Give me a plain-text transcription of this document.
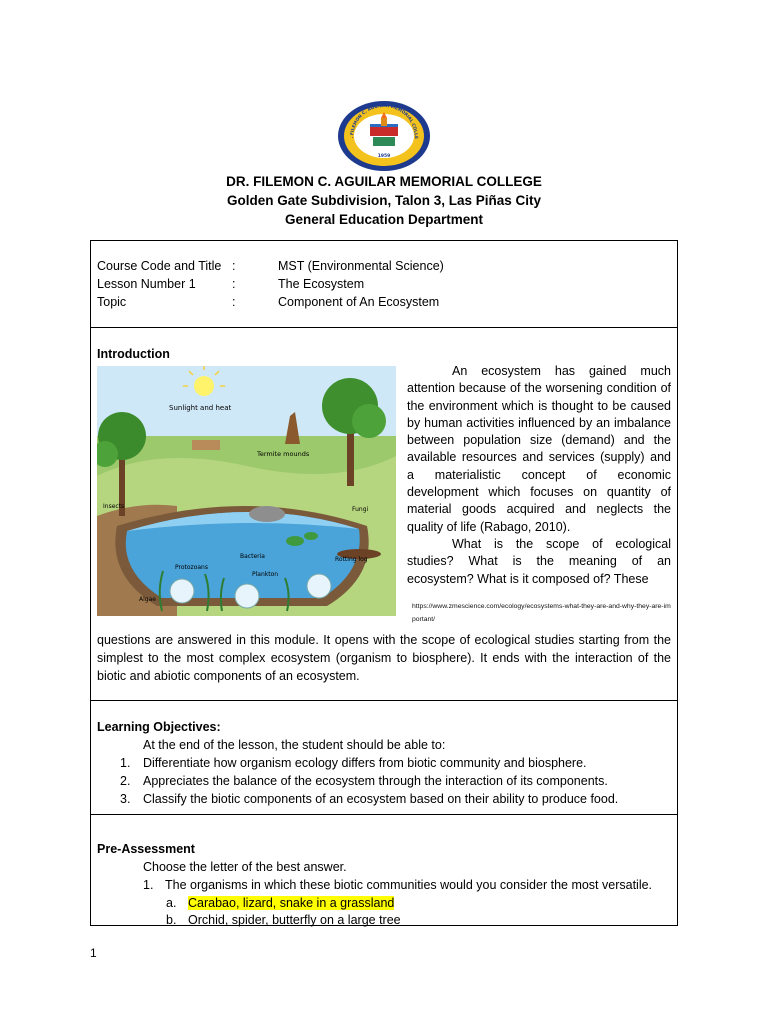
. FILEMON C. AGUILAR MEMORIAL COLLE
1959
DR. FILEMON C. AGUILAR MEMORIAL COLLEGE
Golden Gate Subdivision, Talon 3, Las Piñas City
General Education Department
Course Code and Title :	MST (Environmental Science)
Lesson Number 1	:	The Ecosystem
Topic	:	Component of An Ecosystem
Introduction
Sunlight and heat
Termite mounds
Insects	Fungi
Bacteria
Protozoans
Plankton
Rotting log
Algae

An ecosystem has gained much attention because of the worsening condition of the environment which is thought to be caused by human activities influenced by an imbalance between population size (demand) and the available resources and services (supply) and a materialistic concept of economic development which focuses on quantity of material goods acquired and neglects the quality of life (Rabago, 2010).

What is the scope of ecological studies? What is the meaning of an ecosystem? What is it composed of? These

https://www.zmescience.com/ecology/ecosystems-what-they-are-and-why-they-are-important/
questions are answered in this module. It opens with the scope of ecological studies starting from the simplest to the most complex ecosystem (organism to biosphere). It ends with the interaction of the biotic and abiotic components of an ecosystem.
Learning Objectives:
At the end of the lesson, the student should be able to:
1. Differentiate how organism ecology differs from biotic community and biosphere.
2. Appreciates the balance of the ecosystem through the interaction of its components.
3. Classify the biotic components of an ecosystem based on their ability to produce food.
Pre-Assessment
Choose the letter of the best answer.
1. The organisms in which these biotic communities would you consider the most versatile.
a. Carabao, lizard, snake in a grassland
b. Orchid, spider, butterfly on a large tree
1
